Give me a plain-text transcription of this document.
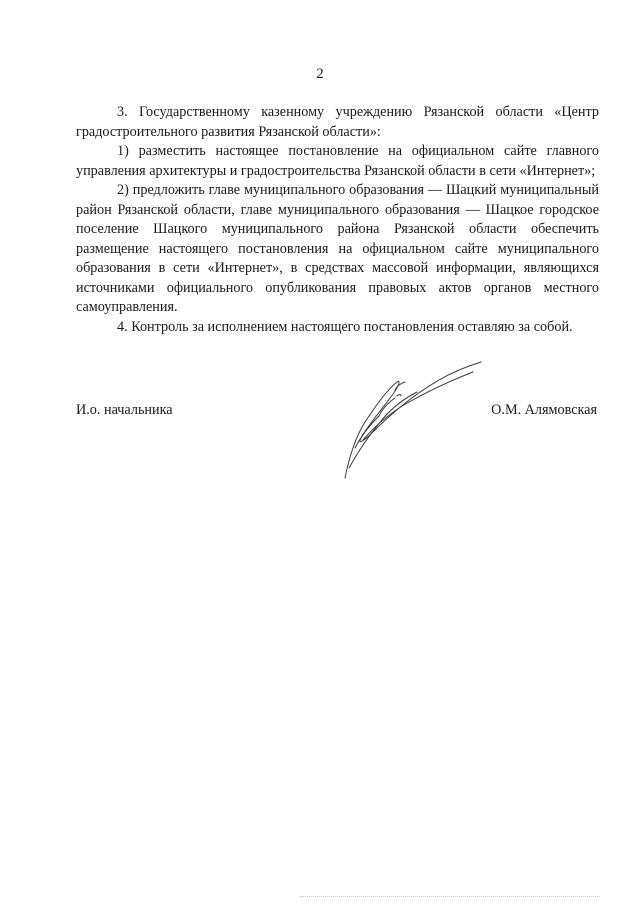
2

3. Государственному казенному учреждению Рязанской области «Центр градостроительного развития Рязанской области»:

1) разместить настоящее постановление на официальном сайте главного управления архитектуры и градостроительства Рязанской области в сети «Интернет»;

2) предложить главе муниципального образования — Шацкий муниципальный район Рязанской области, главе муниципального образования — Шацкое городское поселение Шацкого муниципального района Рязанской области обеспечить размещение настоящего постановления на официальном сайте муниципального образования в сети «Интернет», в средствах массовой информации, являющихся источниками официального опубликования правовых актов органов местного самоуправления.

4. Контроль за исполнением настоящего постановления оставляю за собой.

И.о. начальника	О.М. Алямовская
